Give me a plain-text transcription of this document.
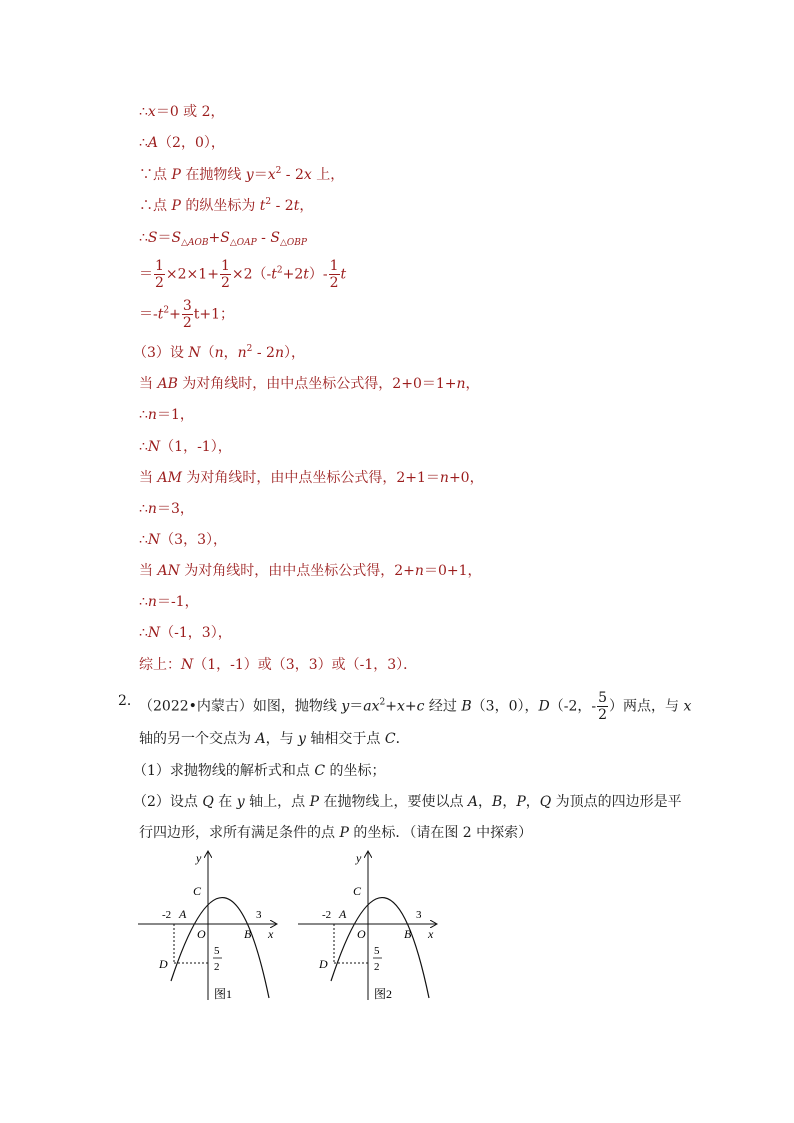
∴x＝0 或 2，
∴A（2，0），
∵点 P 在抛物线 $y=x^2 - 2x$ 上，
∴点 P 的纵坐标为 $t^2 - 2t$，
$\therefore S=S_{\triangle AOB}+S_{\triangle OAP} - S_{\triangle OBP}$
＝ $\frac{1}{2} \times 2\times 1+ \frac{1}{2} \times 2(-t^2+2t)- \frac{1}{2}$ t
$=-t^2+ \frac{3}{2} t+1$；
（3）设 N（n，$n^2 - 2n$），
当 AB 为对角线时，由中点坐标公式得，2+0＝1+n，
∴n＝1，
∴N（1，-1），
当 AM 为对角线时，由中点坐标公式得，2+1＝n+0，
∴n＝3，
∴N（3，3），
当 AN 为对角线时，由中点坐标公式得，2+n＝0+1，
∴n＝-1，
∴N（-1，3），
综上：N（1，-1）或（3，3）或（-1，3）．
2．
（2022•内蒙古）如图，抛物线 $y=ax^2+x+c$ 经过 B（3，0），D（-2，- $\frac{5}{2}$ ）两点，与 x
轴的另一个交点为 A，与 y 轴相交于点 C．
（1）求抛物线的解析式和点 C 的坐标；
（2）设点 Q 在 y 轴上，点 P 在抛物线上，要使以点 A，B，P，Q 为顶点的四边形是平
行四边形，求所有满足条件的点 P 的坐标．（请在图 2 中探索）
y
x
C
A
O	B
D
-2	3
5
2
图1
y
x
C
A
O	B
D
-2	3
5
2
图2
